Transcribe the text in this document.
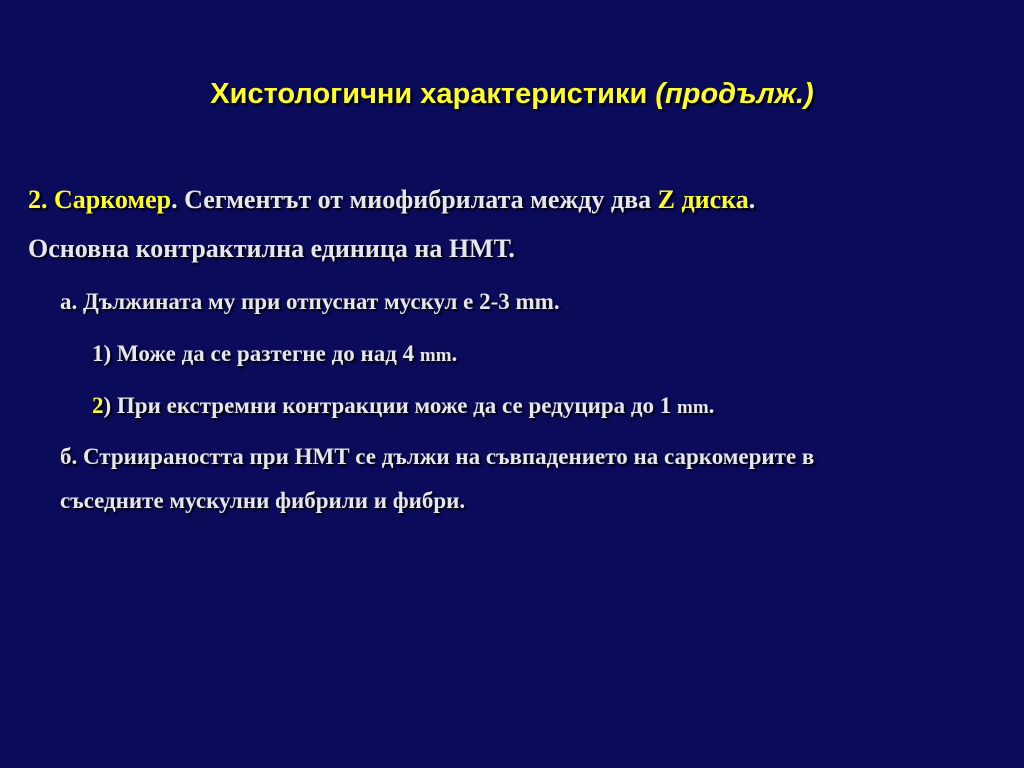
Хистологични характеристики (продълж.)
2. Саркомер. Сегментът от миофибрилата между два Z диска.
Основна контрактилна единица на НМТ.
а. Дължината му при отпуснат мускул е 2-3 mm.
1) Може да се разтегне до над 4 mm.
2) При екстремни контракции може да се редуцира до 1 mm.
б. Стриираността при НМТ се дължи на съвпадението на саркомерите в
съседните мускулни фибрили и фибри.
